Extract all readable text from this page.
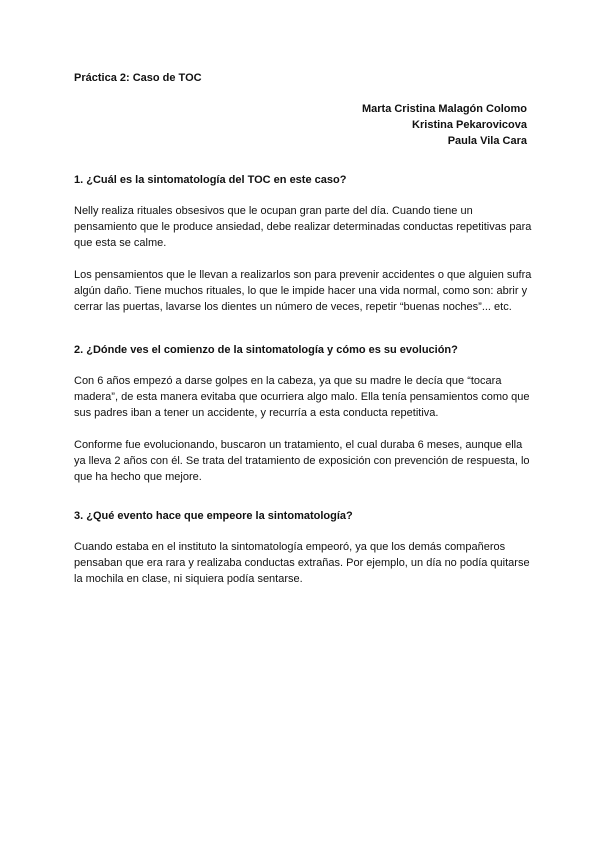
Práctica 2: Caso de TOC

Marta Cristina Malagón Colomo
Kristina Pekarovicova
Paula Vila Cara

1. ¿Cuál es la sintomatología del TOC en este caso?

Nelly realiza rituales obsesivos que le ocupan gran parte del día. Cuando tiene un pensamiento que le produce ansiedad, debe realizar determinadas conductas repetitivas para que esta se calme.

Los pensamientos que le llevan a realizarlos son para prevenir accidentes o que alguien sufra algún daño. Tiene muchos rituales, lo que le impide hacer una vida normal, como son: abrir y cerrar las puertas, lavarse los dientes un número de veces, repetir “buenas noches”... etc.

2. ¿Dónde ves el comienzo de la sintomatología y cómo es su evolución?

Con 6 años empezó a darse golpes en la cabeza, ya que su madre le decía que “tocara madera”, de esta manera evitaba que ocurriera algo malo. Ella tenía pensamientos como que sus padres iban a tener un accidente, y recurría a esta conducta repetitiva.

Conforme fue evolucionando, buscaron un tratamiento, el cual duraba 6 meses, aunque ella ya lleva 2 años con él. Se trata del tratamiento de exposición con prevención de respuesta, lo que ha hecho que mejore.

3. ¿Qué evento hace que empeore la sintomatología?

Cuando estaba en el instituto la sintomatología empeoró, ya que los demás compañeros pensaban que era rara y realizaba conductas extrañas. Por ejemplo, un día no podía quitarse la mochila en clase, ni siquiera podía sentarse.
